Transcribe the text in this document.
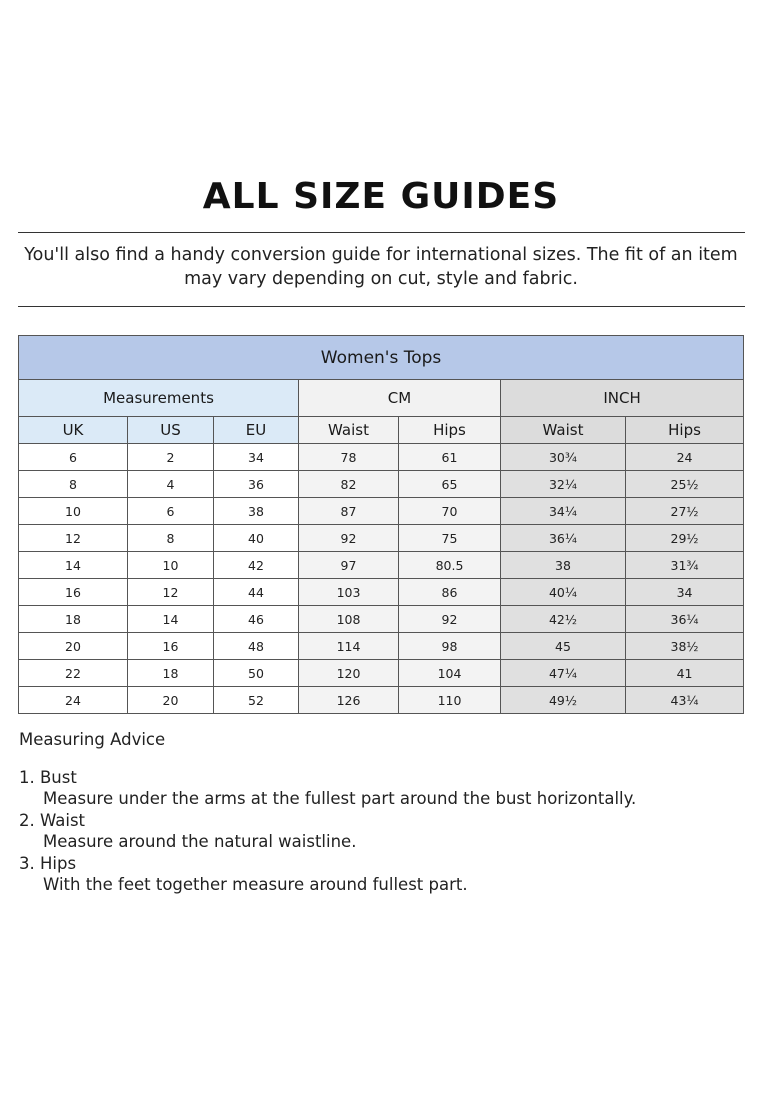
ALL SIZE GUIDES
You'll also find a handy conversion guide for international sizes. The fit of an item may vary depending on cut, style and fabric.
Women's Tops						
Measurements			CM		INCH	
UK	US	EU	Waist	Hips	Waist	Hips
6	2	34	78	61	30¾	24
8	4	36	82	65	32¼	25½
10	6	38	87	70	34¼	27½
12	8	40	92	75	36¼	29½
14	10	42	97	80.5	38	31¾
16	12	44	103	86	40¼	34
18	14	46	108	92	42½	36¼
20	16	48	114	98	45	38½
22	18	50	120	104	47¼	41
24	20	52	126	110	49½	43¼
Measuring Advice
1. Bust
Measure under the arms at the fullest part around the bust horizontally.
2. Waist
Measure around the natural waistline.
3. Hips
With the feet together measure around fullest part.
